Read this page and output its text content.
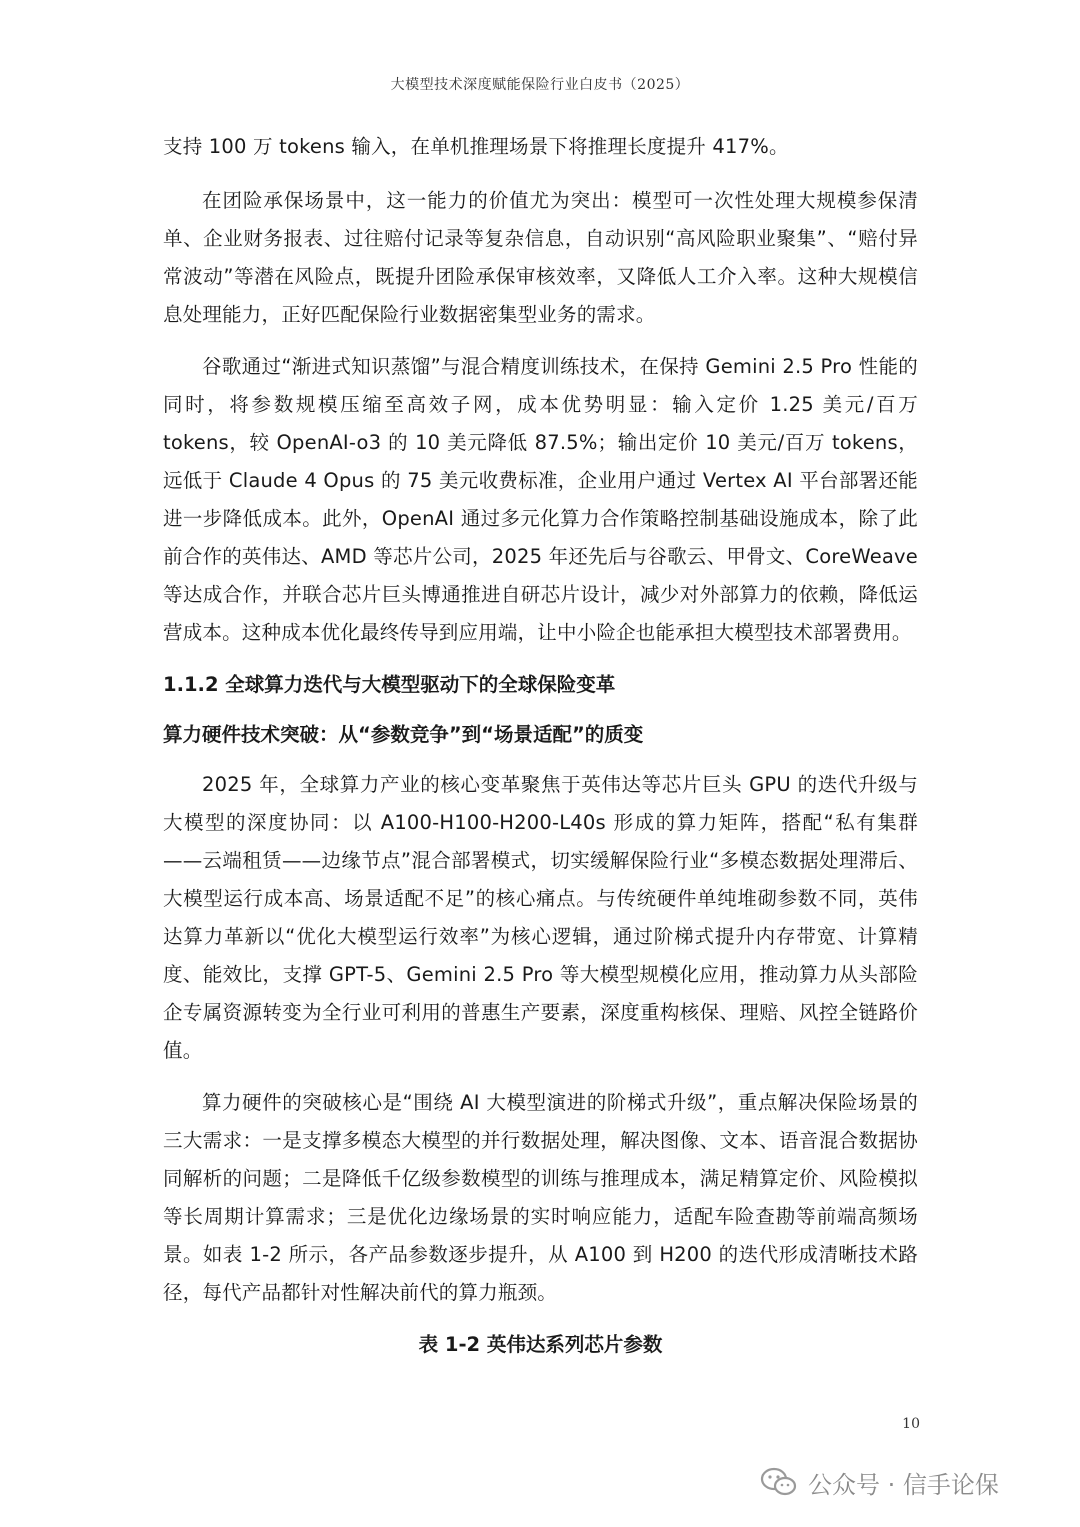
大模型技术深度赋能保险行业白皮书（2025）

支持 100 万 tokens 输入，在单机推理场景下将推理长度提升 417%。

在团险承保场景中，这一能力的价值尤为突出：模型可一次性处理大规模参保清单、企业财务报表、过往赔付记录等复杂信息，自动识别“高风险职业聚集”、“赔付异常波动”等潜在风险点，既提升团险承保审核效率，又降低人工介入率。这种大规模信息处理能力，正好匹配保险行业数据密集型业务的需求。

谷歌通过“渐进式知识蒸馏”与混合精度训练技术，在保持 Gemini 2.5 Pro 性能的同时，将参数规模压缩至高效子网，成本优势明显：输入定价 1.25 美元/百万 tokens，较 OpenAI-o3 的 10 美元降低 87.5%；输出定价 10 美元/百万 tokens，远低于 Claude 4 Opus 的 75 美元收费标准，企业用户通过 Vertex AI 平台部署还能进一步降低成本。此外，OpenAI 通过多元化算力合作策略控制基础设施成本，除了此前合作的英伟达、AMD 等芯片公司，2025 年还先后与谷歌云、甲骨文、CoreWeave 等达成合作，并联合芯片巨头博通推进自研芯片设计，减少对外部算力的依赖，降低运营成本。这种成本优化最终传导到应用端，让中小险企也能承担大模型技术部署费用。

1.1.2 全球算力迭代与大模型驱动下的全球保险变革
算力硬件技术突破：从“参数竞争”到“场景适配”的质变

2025 年，全球算力产业的核心变革聚焦于英伟达等芯片巨头 GPU 的迭代升级与大模型的深度协同：以 A100-H100-H200-L40s 形成的算力矩阵，搭配“私有集群——云端租赁——边缘节点”混合部署模式，切实缓解保险行业“多模态数据处理滞后、大模型运行成本高、场景适配不足”的核心痛点。与传统硬件单纯堆砌参数不同，英伟达算力革新以“优化大模型运行效率”为核心逻辑，通过阶梯式提升内存带宽、计算精度、能效比，支撑 GPT-5、Gemini 2.5 Pro 等大模型规模化应用，推动算力从头部险企专属资源转变为全行业可利用的普惠生产要素，深度重构核保、理赔、风控全链路价值。

算力硬件的突破核心是“围绕 AI 大模型演进的阶梯式升级”，重点解决保险场景的三大需求：一是支撑多模态大模型的并行数据处理，解决图像、文本、语音混合数据协同解析的问题；二是降低千亿级参数模型的训练与推理成本，满足精算定价、风险模拟等长周期计算需求；三是优化边缘场景的实时响应能力，适配车险查勘等前端高频场景。如表 1-2 所示，各产品参数逐步提升，从 A100 到 H200 的迭代形成清晰技术路径，每代产品都针对性解决前代的算力瓶颈。

表 1-2 英伟达系列芯片参数
10
公众号 · 信手论保
